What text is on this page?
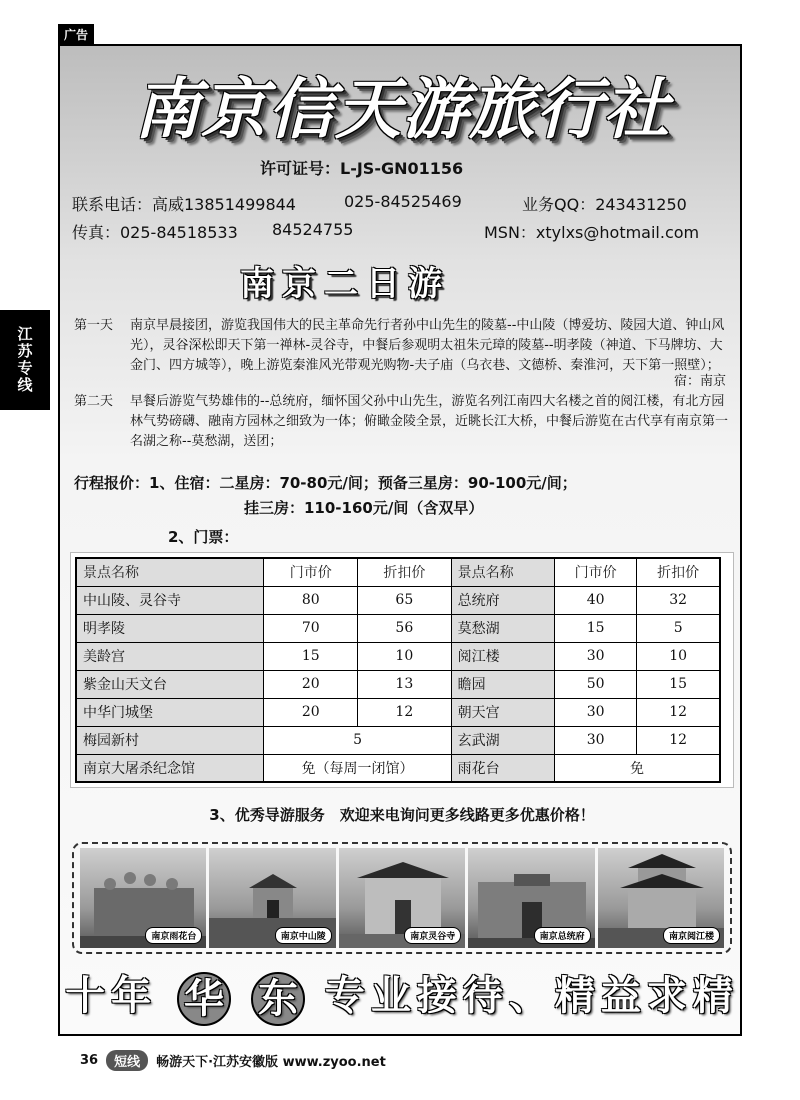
广告
江苏专线
南京信天游旅行社
许可证号：L-JS-GN01156
联系电话：高威13851499844	025-84525469	业务QQ：243431250
传真：025-84518533 84524755	MSN：xtylxs@hotmail.com
南京二日游
第一天 南京早晨接团，游览我国伟大的民主革命先行者孙中山先生的陵墓--中山陵（博爱坊、陵园大道、钟山风光），灵谷深松即天下第一禅林-灵谷寺，中餐后参观明太祖朱元璋的陵墓--明孝陵（神道、下马牌坊、大金门、四方城等），晚上游览秦淮风光带观光购物-夫子庙（乌衣巷、文德桥、秦淮河，天下第一照壁）；
宿：南京
第二天 早餐后游览气势雄伟的--总统府，缅怀国父孙中山先生，游览名列江南四大名楼之首的阅江楼，有北方园林气势磅礴、融南方园林之细致为一体；俯瞰金陵全景，近眺长江大桥，中餐后游览在古代享有南京第一名湖之称--莫愁湖，送团；
行程报价：1、住宿：二星房：70-80元/间；预备三星房：90-100元/间；
挂三房：110-160元/间（含双早）
2、门票：
景点名称	门市价	折扣价	景点名称	门市价	折扣价
中山陵、灵谷寺	80	65	总统府	40	32
明孝陵	70	56	莫愁湖	15	5
美龄宫	15	10	阅江楼	30	10
紫金山天文台	20	13	瞻园	50	15
中华门城堡	20	12	朝天宫	30	12
梅园新村	5		玄武湖	30	12
南京大屠杀纪念馆	免（每周一闭馆）		雨花台	免	
3、优秀导游服务　欢迎来电询问更多线路更多优惠价格！
南京雨花台	南京中山陵	南京灵谷寺	南京总统府	南京阅江楼
十年 华 东 专业接待、精益求精
36	短线	畅游天下·江苏安徽版 www.zyoo.net
